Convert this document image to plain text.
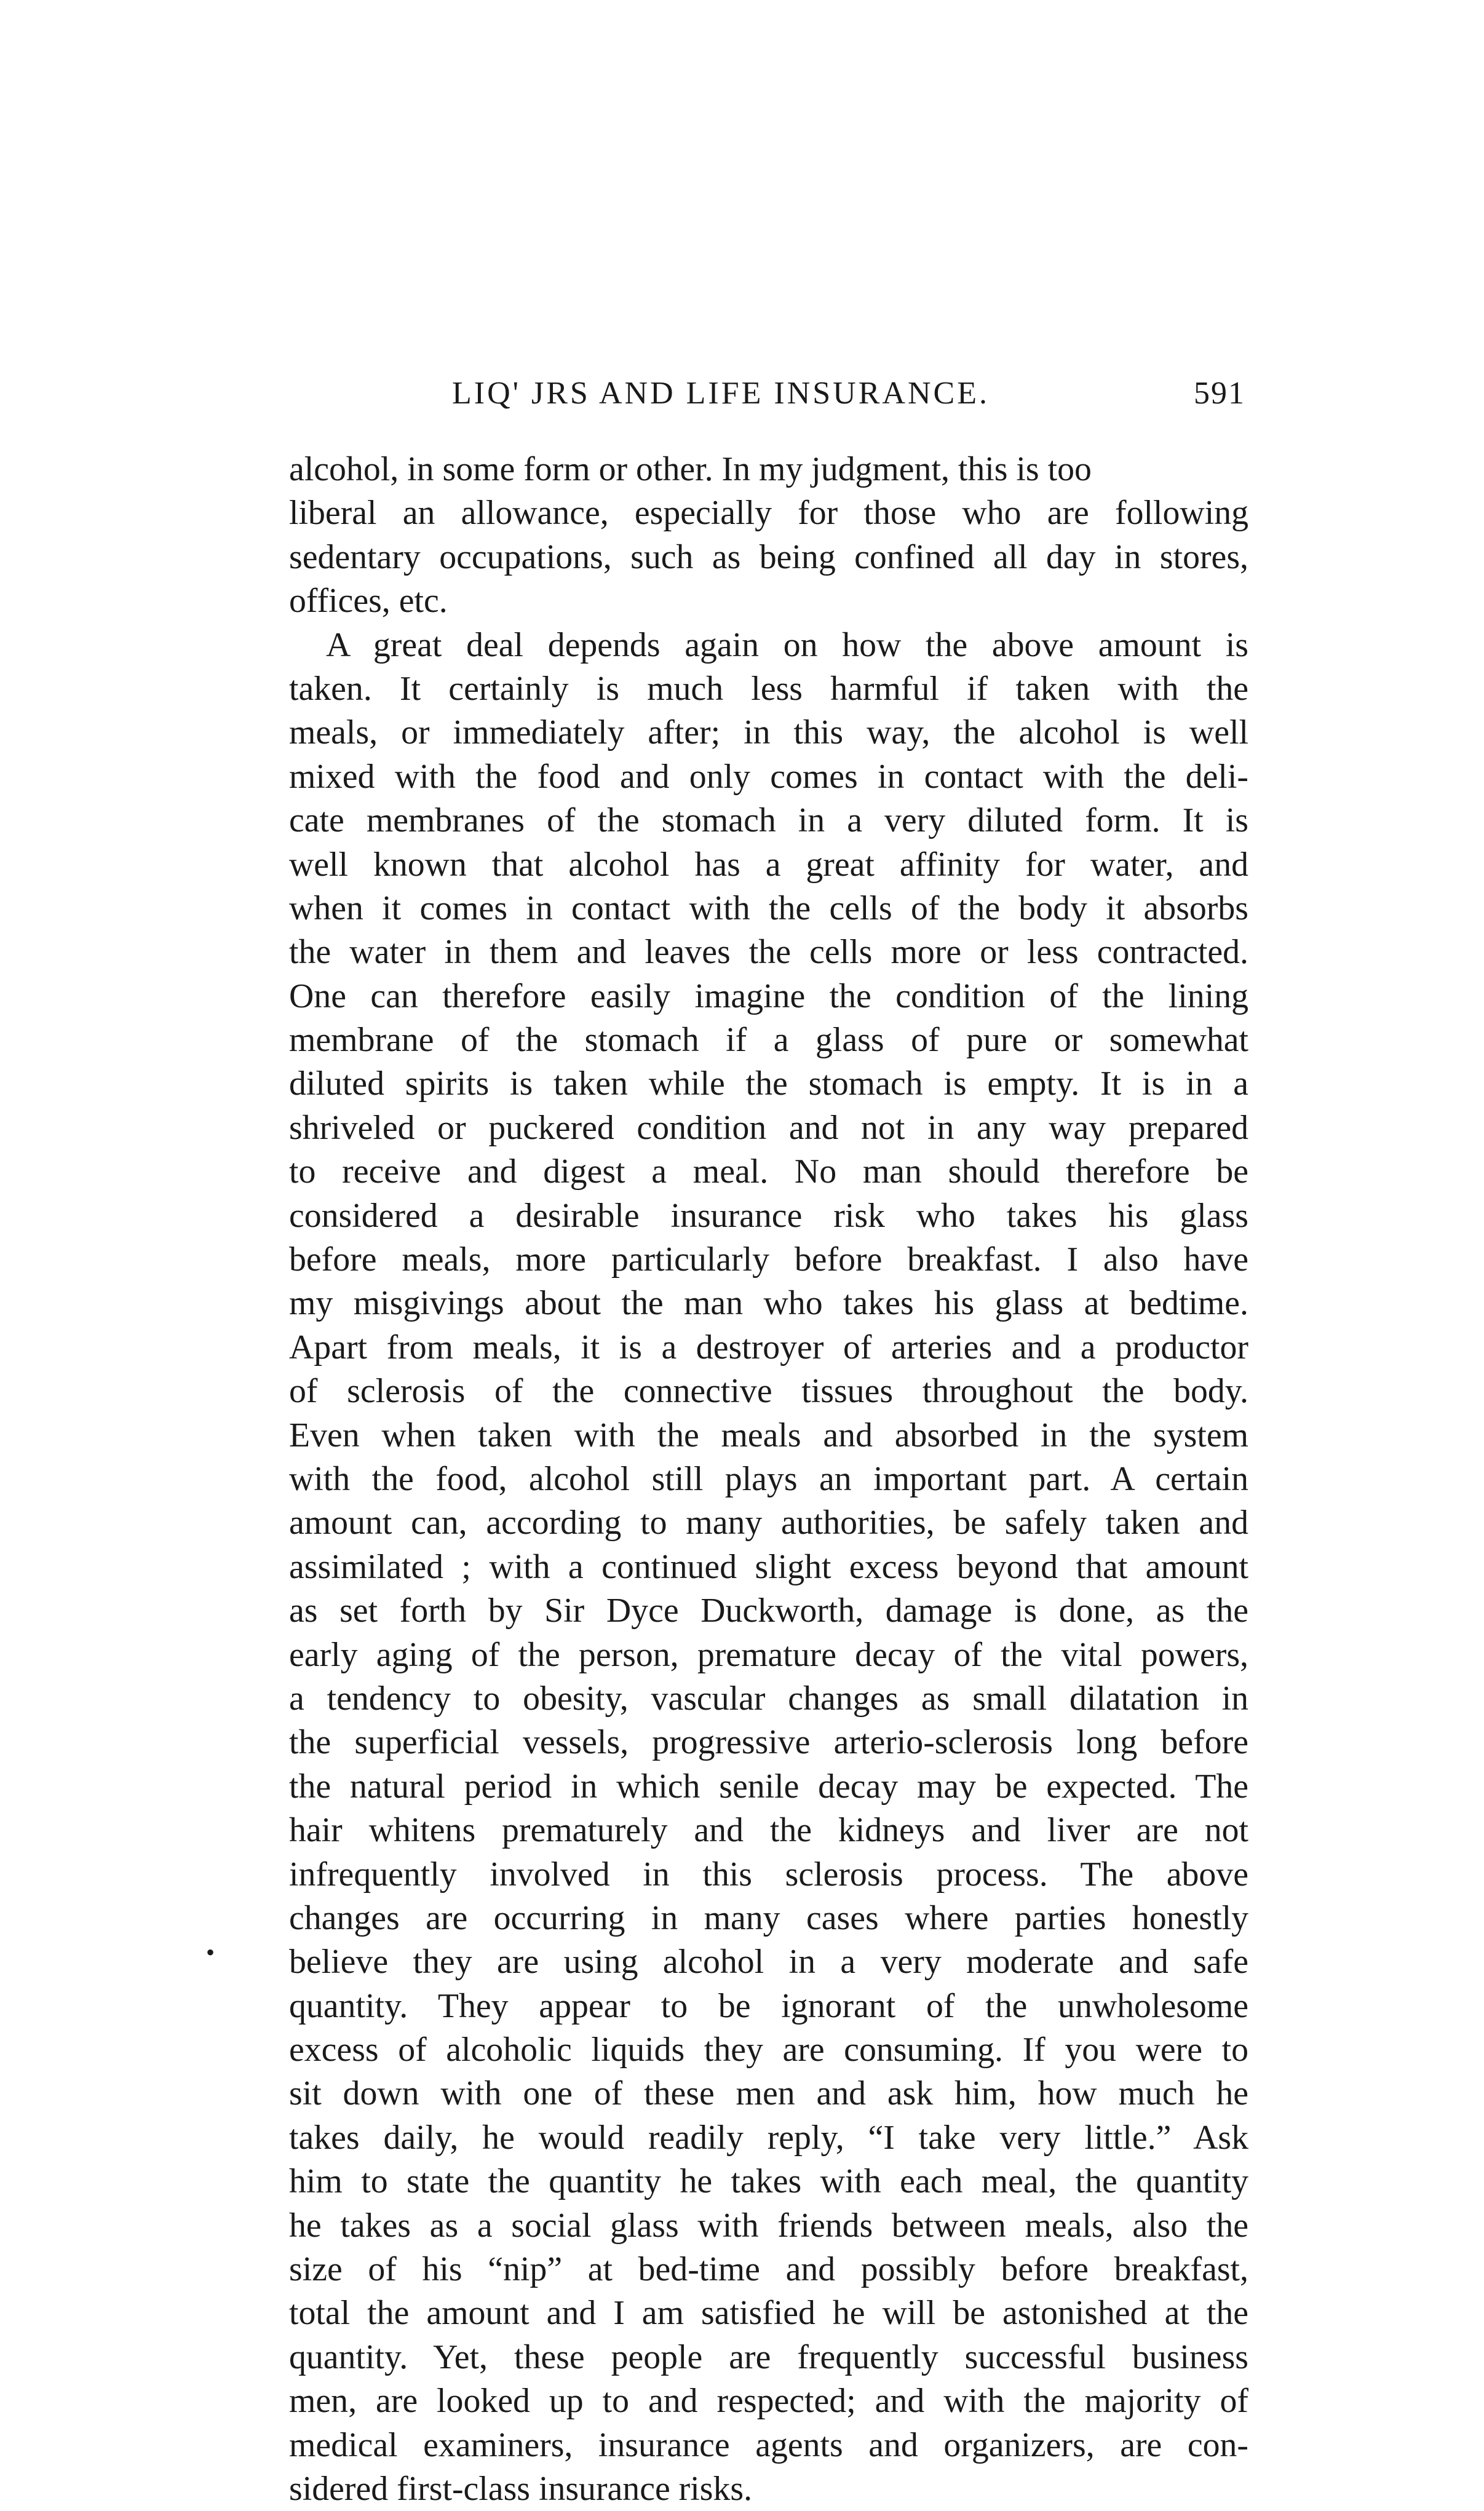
LIQ' JRS AND LIFE INSURANCE.	591
alcohol, in some form or other. In my judgment, this is too
liberal an allowance, especially for those who are following
sedentary occupations, such as being confined all day in stores,
offices, etc.
A great deal depends again on how the above amount is
taken. It certainly is much less harmful if taken with the
meals, or immediately after; in this way, the alcohol is well
mixed with the food and only comes in contact with the deli-
cate membranes of the stomach in a very diluted form. It is
well known that alcohol has a great affinity for water, and
when it comes in contact with the cells of the body it absorbs
the water in them and leaves the cells more or less contracted.
One can therefore easily imagine the condition of the lining
membrane of the stomach if a glass of pure or somewhat
diluted spirits is taken while the stomach is empty. It is in a
shriveled or puckered condition and not in any way prepared
to receive and digest a meal. No man should therefore be
considered a desirable insurance risk who takes his glass
before meals, more particularly before breakfast. I also have
my misgivings about the man who takes his glass at bedtime.
Apart from meals, it is a destroyer of arteries and a productor
of sclerosis of the connective tissues throughout the body.
Even when taken with the meals and absorbed in the system
with the food, alcohol still plays an important part. A certain
amount can, according to many authorities, be safely taken and
assimilated ; with a continued slight excess beyond that amount
as set forth by Sir Dyce Duckworth, damage is done, as the
early aging of the person, premature decay of the vital powers,
a tendency to obesity, vascular changes as small dilatation in
the superficial vessels, progressive arterio-sclerosis long before
the natural period in which senile decay may be expected. The
hair whitens prematurely and the kidneys and liver are not
infrequently involved in this sclerosis process. The above
changes are occurring in many cases where parties honestly
believe they are using alcohol in a very moderate and safe
quantity. They appear to be ignorant of the unwholesome
excess of alcoholic liquids they are consuming. If you were to
sit down with one of these men and ask him, how much he
takes daily, he would readily reply, “I take very little.” Ask
him to state the quantity he takes with each meal, the quantity
he takes as a social glass with friends between meals, also the
size of his “nip” at bed-time and possibly before breakfast,
total the amount and I am satisfied he will be astonished at the
quantity. Yet, these people are frequently successful business
men, are looked up to and respected; and with the majority of
medical examiners, insurance agents and organizers, are con-
sidered first-class insurance risks.
•
